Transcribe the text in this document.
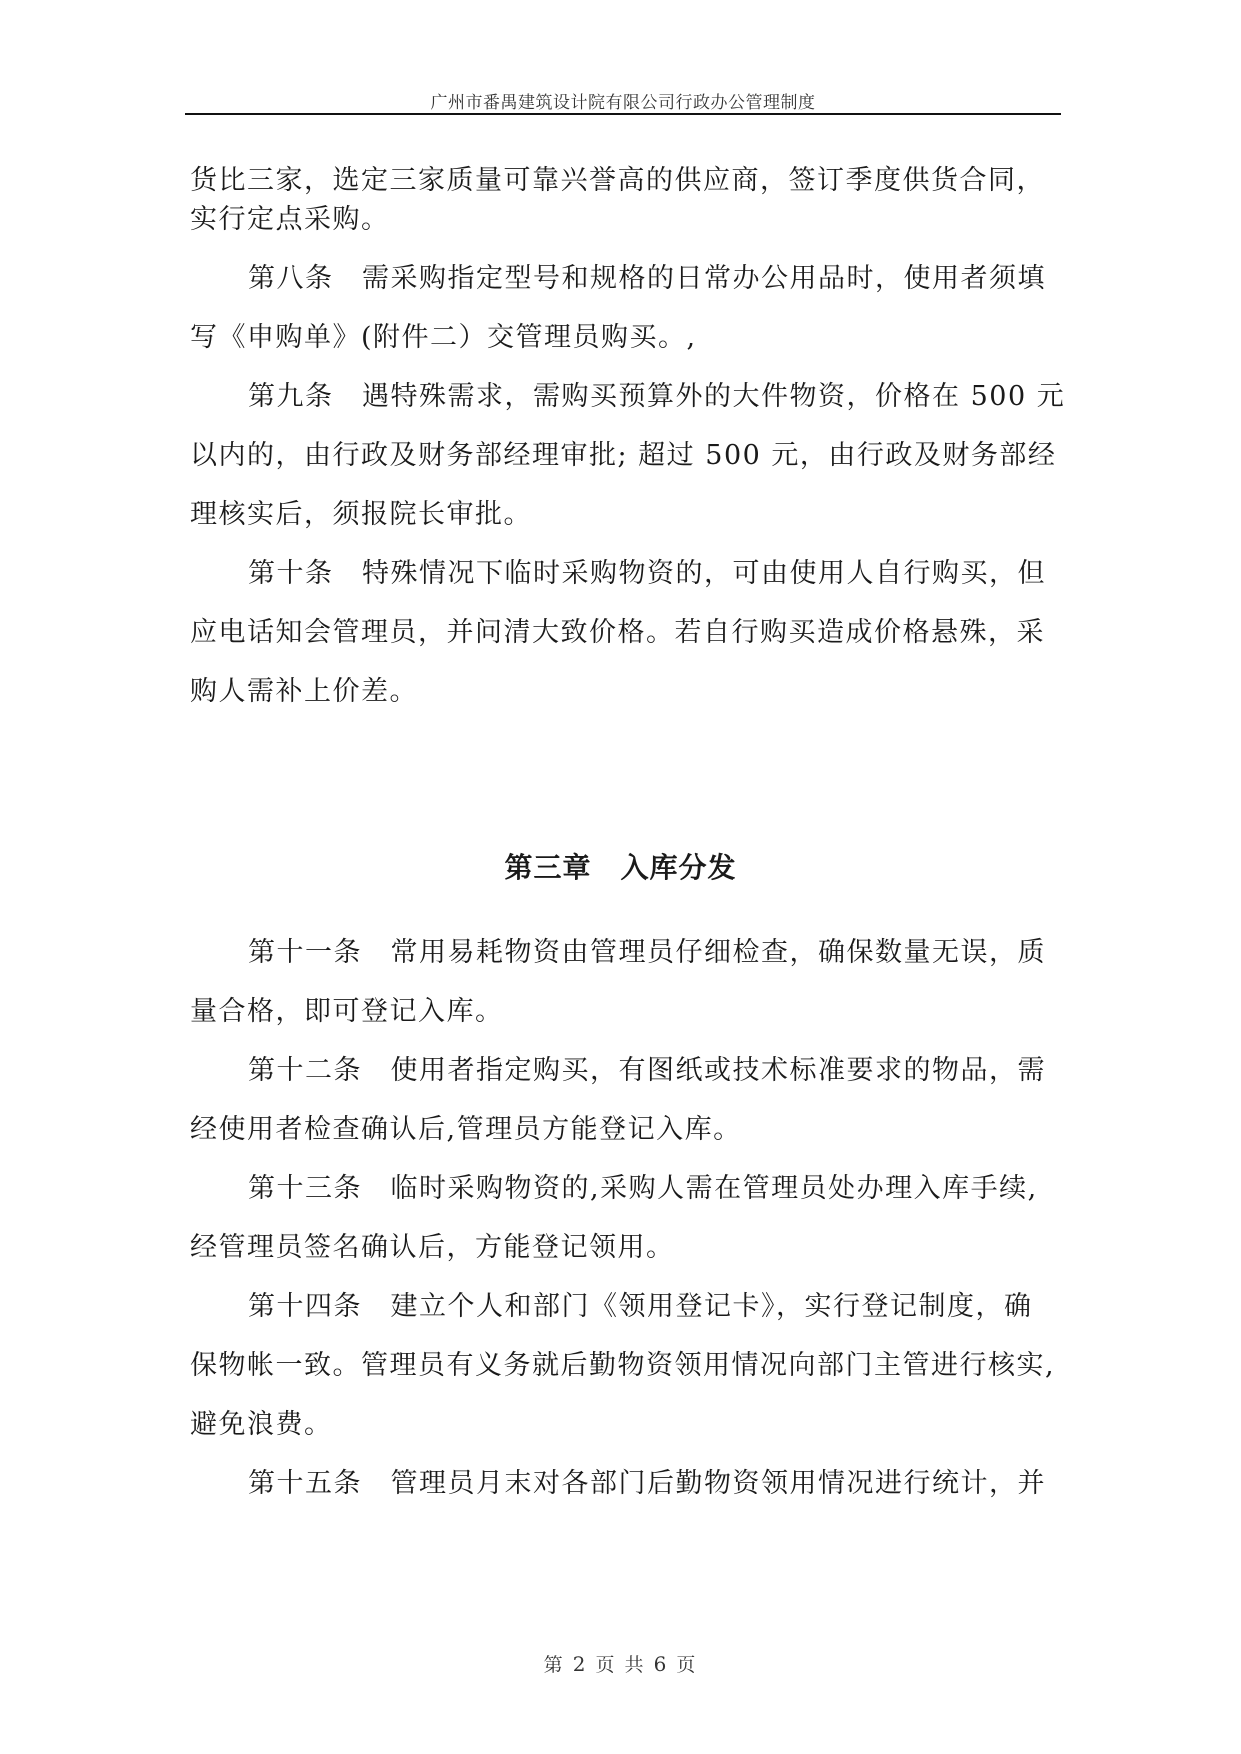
广州市番禺建筑设计院有限公司行政办公管理制度
货比三家，选定三家质量可靠兴誉高的供应商，签订季度供货合同，
实行定点采购。
第八条　需采购指定型号和规格的日常办公用品时，使用者须填
写《申购单》(附件二）交管理员购买。,
第九条　遇特殊需求，需购买预算外的大件物资，价格在 500 元
以内的，由行政及财务部经理审批; 超过 500 元，由行政及财务部经
理核实后，须报院长审批。
第十条　特殊情况下临时采购物资的，可由使用人自行购买，但
应电话知会管理员，并问清大致价格。若自行购买造成价格悬殊，采
购人需补上价差。
第三章　入库分发
第十一条　常用易耗物资由管理员仔细检查，确保数量无误，质
量合格，即可登记入库。
第十二条　使用者指定购买，有图纸或技术标准要求的物品，需
经使用者检查确认后,管理员方能登记入库。
第十三条　临时采购物资的,采购人需在管理员处办理入库手续,
经管理员签名确认后，方能登记领用。
第十四条　建立个人和部门《领用登记卡》，实行登记制度，确
保物帐一致。管理员有义务就后勤物资领用情况向部门主管进行核实,
避免浪费。
第十五条　管理员月末对各部门后勤物资领用情况进行统计，并
第 2 页 共 6 页
